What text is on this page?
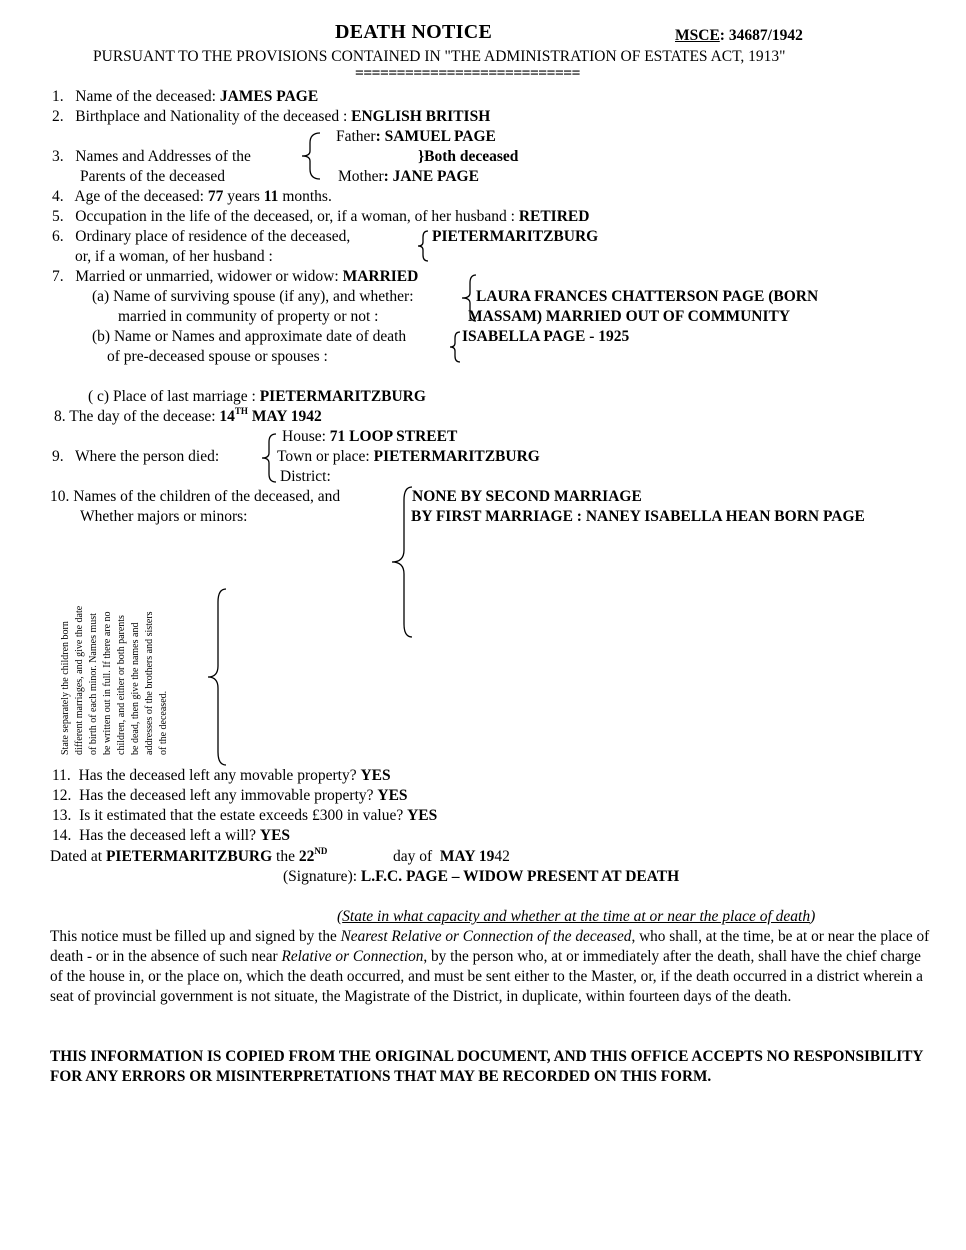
DEATH NOTICE	MSCE: 34687/1942
PURSUANT TO THE PROVISIONS CONTAINED IN "THE ADMINISTRATION OF ESTATES ACT, 1913"
===========================
1. Name of the deceased: JAMES PAGE
2. Birthplace and Nationality of the deceased : ENGLISH BRITISH
Father: SAMUEL PAGE
3. Names and Addresses of the	}Both deceased
Parents of the deceased	Mother: JANE PAGE
4. Age of the deceased: 77 years 11 months.
5. Occupation in the life of the deceased, or, if a woman, of her husband : RETIRED
6. Ordinary place of residence of the deceased,
or, if a woman, of her husband :
PIETERMARITZBURG
7. Married or unmarried, widower or widow: MARRIED
(a) Name of surviving spouse (if any), and whether:
married in community of property or not :
LAURA FRANCES CHATTERSON PAGE (BORN
MASSAM) MARRIED OUT OF COMMUNITY
(b) Name or Names and approximate date of death
of pre-deceased spouse or spouses :
ISABELLA PAGE - 1925
( c) Place of last marriage : PIETERMARITZBURG
8. The day of the decease: 14TH MAY 1942
House: 71 LOOP STREET
9. Where the person died:	Town or place: PIETERMARITZBURG
District:
10. Names of the children of the deceased, and
Whether majors or minors:
NONE BY SECOND MARRIAGE
BY FIRST MARRIAGE : NANEY ISABELLA HEAN BORN PAGE
State separately the children born different marriages, and give the date of birth of each minor. Names must be written out in full. If there are no children, and either or both parents be dead, then give the names and addresses of the brothers and sisters of the deceased.
11. Has the deceased left any movable property? YES
12. Has the deceased left any immovable property? YES
13. Is it estimated that the estate exceeds £300 in value? YES
14. Has the deceased left a will? YES
Dated at PIETERMARITZBURG the 22ND	day of MAY 1942
(Signature): L.F.C. PAGE – WIDOW PRESENT AT DEATH
(State in what capacity and whether at the time at or near the place of death)
This notice must be filled up and signed by the Nearest Relative or Connection of the deceased, who shall, at the time, be at or near the place of death - or in the absence of such near Relative or Connection, by the person who, at or immediately after the death, shall have the chief charge of the house in, or the place on, which the death occurred, and must be sent either to the Master, or, if the death occurred in a district wherein a seat of provincial government is not situate, the Magistrate of the District, in duplicate, within fourteen days of the death.
THIS INFORMATION IS COPIED FROM THE ORIGINAL DOCUMENT, AND THIS OFFICE ACCEPTS NO RESPONSIBILITY FOR ANY ERRORS OR MISINTERPRETATIONS THAT MAY BE RECORDED ON THIS FORM.
